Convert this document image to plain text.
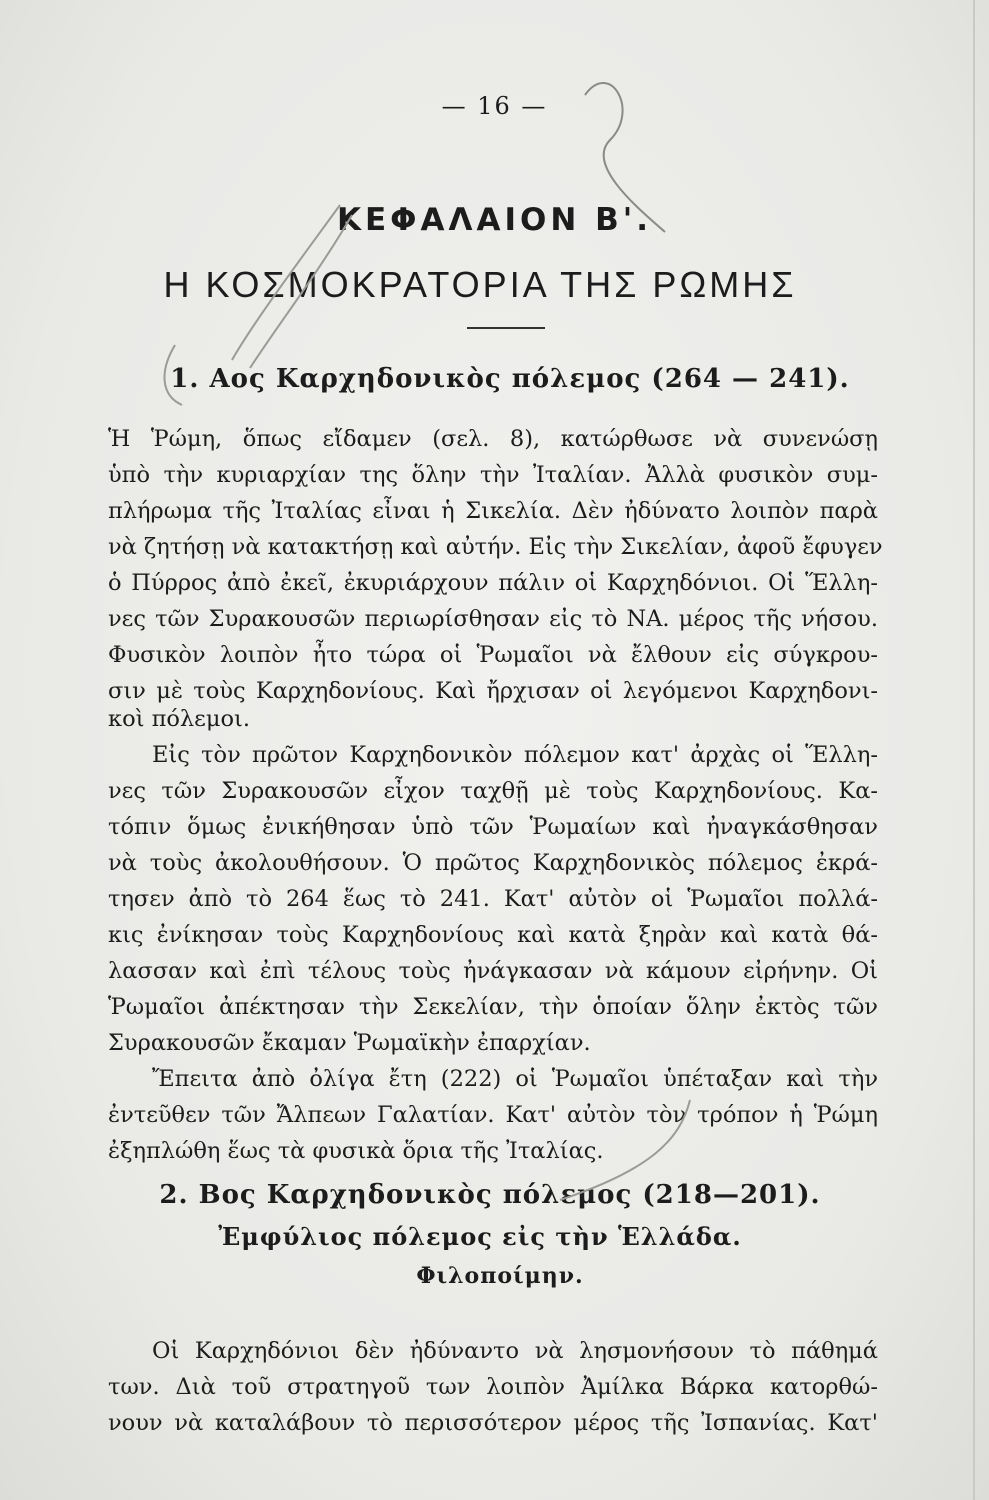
— 16 —
ΚΕΦΑΛΑΙΟΝ Β'.
Η ΚΟΣΜΟΚΡΑΤΟΡΙΑ ΤΗΣ ΡΩΜΗΣ
1. Αος Καρχηδονικὸς πόλεμος (264 — 241).
Ἡ Ῥώμη, ὅπως εἴδαμεν (σελ. 8), κατώρθωσε νὰ συνενώσῃ
ὑπὸ τὴν κυριαρχίαν της ὅλην τὴν Ἰταλίαν. Ἀλλὰ φυσικὸν συμ-
πλήρωμα τῆς Ἰταλίας εἶναι ἡ Σικελία. Δὲν ἠδύνατο λοιπὸν παρὰ
νὰ ζητήσῃ νὰ κατακτήσῃ καὶ αὐτήν. Εἰς τὴν Σικελίαν, ἀφοῦ ἔφυγεν
ὁ Πύρρος ἀπὸ ἐκεῖ, ἐκυριάρχουν πάλιν οἱ Καρχηδόνιοι. Οἱ Ἕλλη-
νες τῶν Συρακουσῶν περιωρίσθησαν εἰς τὸ ΝΑ. μέρος τῆς νήσου.
Φυσικὸν λοιπὸν ἦτο τώρα οἱ Ῥωμαῖοι νὰ ἔλθουν εἰς σύγκρου-
σιν μὲ τοὺς Καρχηδονίους. Καὶ ἤρχισαν οἱ λεγόμενοι Καρχηδονι-
κοὶ πόλεμοι.
Εἰς τὸν πρῶτον Καρχηδονικὸν πόλεμον κατ' ἀρχὰς οἱ Ἕλλη-
νες τῶν Συρακουσῶν εἶχον ταχθῇ μὲ τοὺς Καρχηδονίους. Κα-
τόπιν ὅμως ἐνικήθησαν ὑπὸ τῶν Ῥωμαίων καὶ ἠναγκάσθησαν
νὰ τοὺς ἀκολουθήσουν. Ὁ πρῶτος Καρχηδονικὸς πόλεμος ἐκρά-
τησεν ἀπὸ τὸ 264 ἕως τὸ 241. Κατ' αὐτὸν οἱ Ῥωμαῖοι πολλά-
κις ἐνίκησαν τοὺς Καρχηδονίους καὶ κατὰ ξηρὰν καὶ κατὰ θά-
λασσαν καὶ ἐπὶ τέλους τοὺς ἠνάγκασαν νὰ κάμουν εἰρήνην. Οἱ
Ῥωμαῖοι ἀπέκτησαν τὴν Σεκελίαν, τὴν ὁποίαν ὅλην ἐκτὸς τῶν
Συρακουσῶν ἔκαμαν Ῥωμαϊκὴν ἐπαρχίαν.
Ἔπειτα ἀπὸ ὀλίγα ἔτη (222) οἱ Ῥωμαῖοι ὑπέταξαν καὶ τὴν
ἐντεῦθεν τῶν Ἄλπεων Γαλατίαν. Κατ' αὐτὸν τὸν τρόπον ἡ Ῥώμη
ἐξηπλώθη ἕως τὰ φυσικὰ ὅρια τῆς Ἰταλίας.
2. Βος Καρχηδονικὸς πόλεμος (218—201).
Ἐμφύλιος πόλεμος εἰς τὴν Ἑλλάδα.
Φιλοποίμην.
Οἱ Καρχηδόνιοι δὲν ἠδύναντο νὰ λησμονήσουν τὸ πάθημά
των. Διὰ τοῦ στρατηγοῦ των λοιπὸν Ἀμίλκα Βάρκα κατορθώ-
νουν νὰ καταλάβουν τὸ περισσότερον μέρος τῆς Ἰσπανίας. Κατ'
